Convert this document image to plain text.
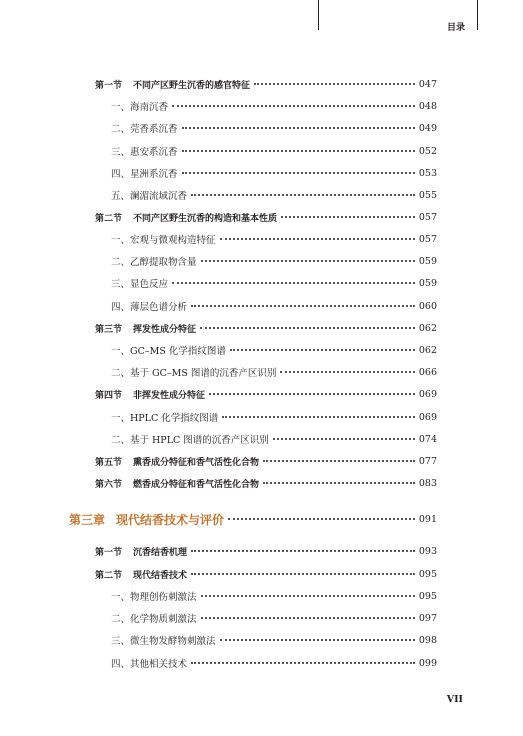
目录
第一节 不同产区野生沉香的感官特征	047
一、海南沉香	048
二、莞香系沉香	049
三、惠安系沉香	052
四、星洲系沉香	053
五、澜湄流域沉香	055
第二节 不同产区野生沉香的构造和基本性质	057
一、宏观与微观构造特征	057
二、乙醇提取物含量	059
三、显色反应	059
四、薄层色谱分析	060
第三节 挥发性成分特征	062
一、GC–MS 化学指纹图谱	062
二、基于 GC–MS 图谱的沉香产区识别	066
第四节 非挥发性成分特征	069
一、HPLC 化学指纹图谱	069
二、基于 HPLC 图谱的沉香产区识别	074
第五节 熏香成分特征和香气活性化合物	077
第六节 燃香成分特征和香气活性化合物	083
第三章 现代结香技术与评价	091
第一节 沉香结香机理	093
第二节 现代结香技术	095
一、物理创伤刺激法	095
二、化学物质刺激法	097
三、微生物发酵物刺激法	098
四、其他相关技术	099
VII
